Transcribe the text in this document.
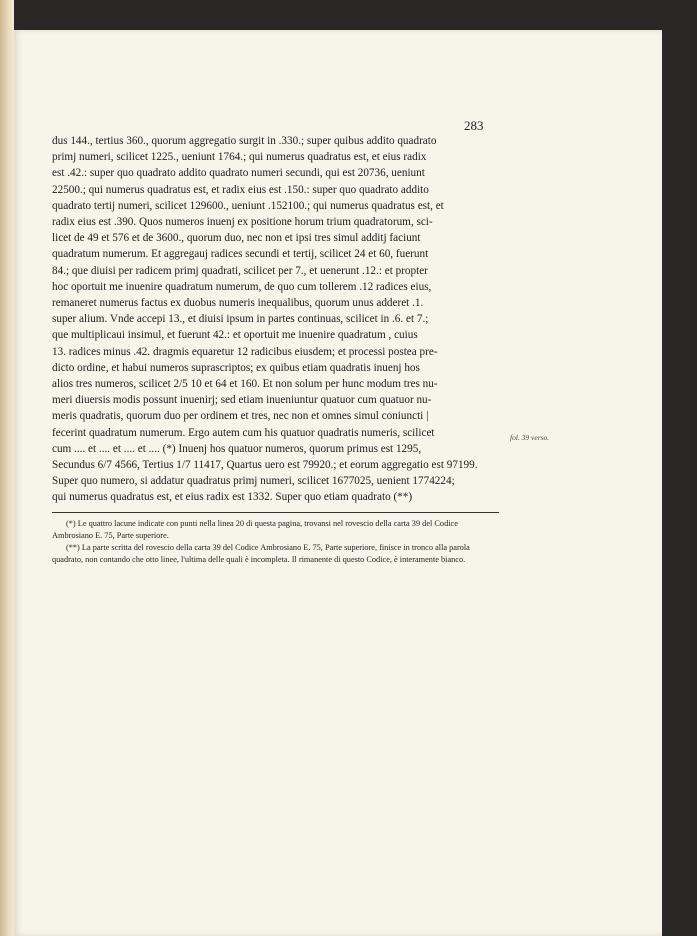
283
dus 144., tertius 360., quorum aggregatio surgit in .330.; super quibus addito quadrato
primj numeri, scilicet 1225., ueniunt 1764.; qui numerus quadratus est, et eius radix
est .42.: super quo quadrato addito quadrato numeri secundi, qui est 20736, ueniunt
22500.; qui numerus quadratus est, et radix eius est .150.: super quo quadrato addito
quadrato tertij numeri, scilicet 129600., ueniunt .152100.; qui numerus quadratus est, et
radix eius est .390. Quos numeros inuenj ex positione horum trium quadratorum, sci-
licet de 49 et 576 et de 3600., quorum duo, nec non et ipsi tres simul additj faciunt
quadratum numerum. Et aggregauj radices secundi et tertij, scilicet 24 et 60, fuerunt
84.; que diuisi per radicem primj quadrati, scilicet per 7., et uenerunt .12.: et propter
hoc oportuit me inuenire quadratum numerum, de quo cum tollerem .12 radices eius,
remaneret numerus factus ex duobus numeris inequalibus, quorum unus adderet .1.
super alium. Vnde accepi 13., et diuisi ipsum in partes continuas, scilicet in .6. et 7.;
que multiplicaui insimul, et fuerunt 42.: et oportuit me inuenire quadratum , cuius
13. radices minus .42. dragmis equaretur 12 radicibus eiusdem; et processi postea pre-
dicto ordine, et habui numeros suprascriptos; ex quibus etiam quadratis inuenj hos
alios tres numeros, scilicet 2/5 10 et 64 et 160. Et non solum per hunc modum tres nu-
meri diuersis modis possunt inuenirj; sed etiam inueniuntur quatuor cum quatuor nu-
meris quadratis, quorum duo per ordinem et tres, nec non et omnes simul coniuncti |
fecerint quadratum numerum. Ergo autem cum his quatuor quadratis numeris, scilicet
cum .... et .... et .... et .... (*) Inuenj hos quatuor numeros, quorum primus est 1295,
Secundus 6/7 4566, Tertius 1/7 11417, Quartus uero est 79920.; et eorum aggregatio est 97199.
Super quo numero, si addatur quadratus primj numeri, scilicet 1677025, uenient 1774224;
qui numerus quadratus est, et eius radix est 1332. Super quo etiam quadrato (**)
fol. 39 verso.

(*) Le quattro lacune indicate con punti nella linea 20 di questa pagina, trovansi nel rovescio della carta 39 del Codice Ambrosiano E. 75, Parte superiore.

(**) La parte scritta del rovescio della carta 39 del Codice Ambrosiano E. 75, Parte superiore, finisce in tronco alla parola quadrato, non contando che otto linee, l'ultima delle quali è incompleta. Il rimanente di questo Codice, è interamente bianco.
